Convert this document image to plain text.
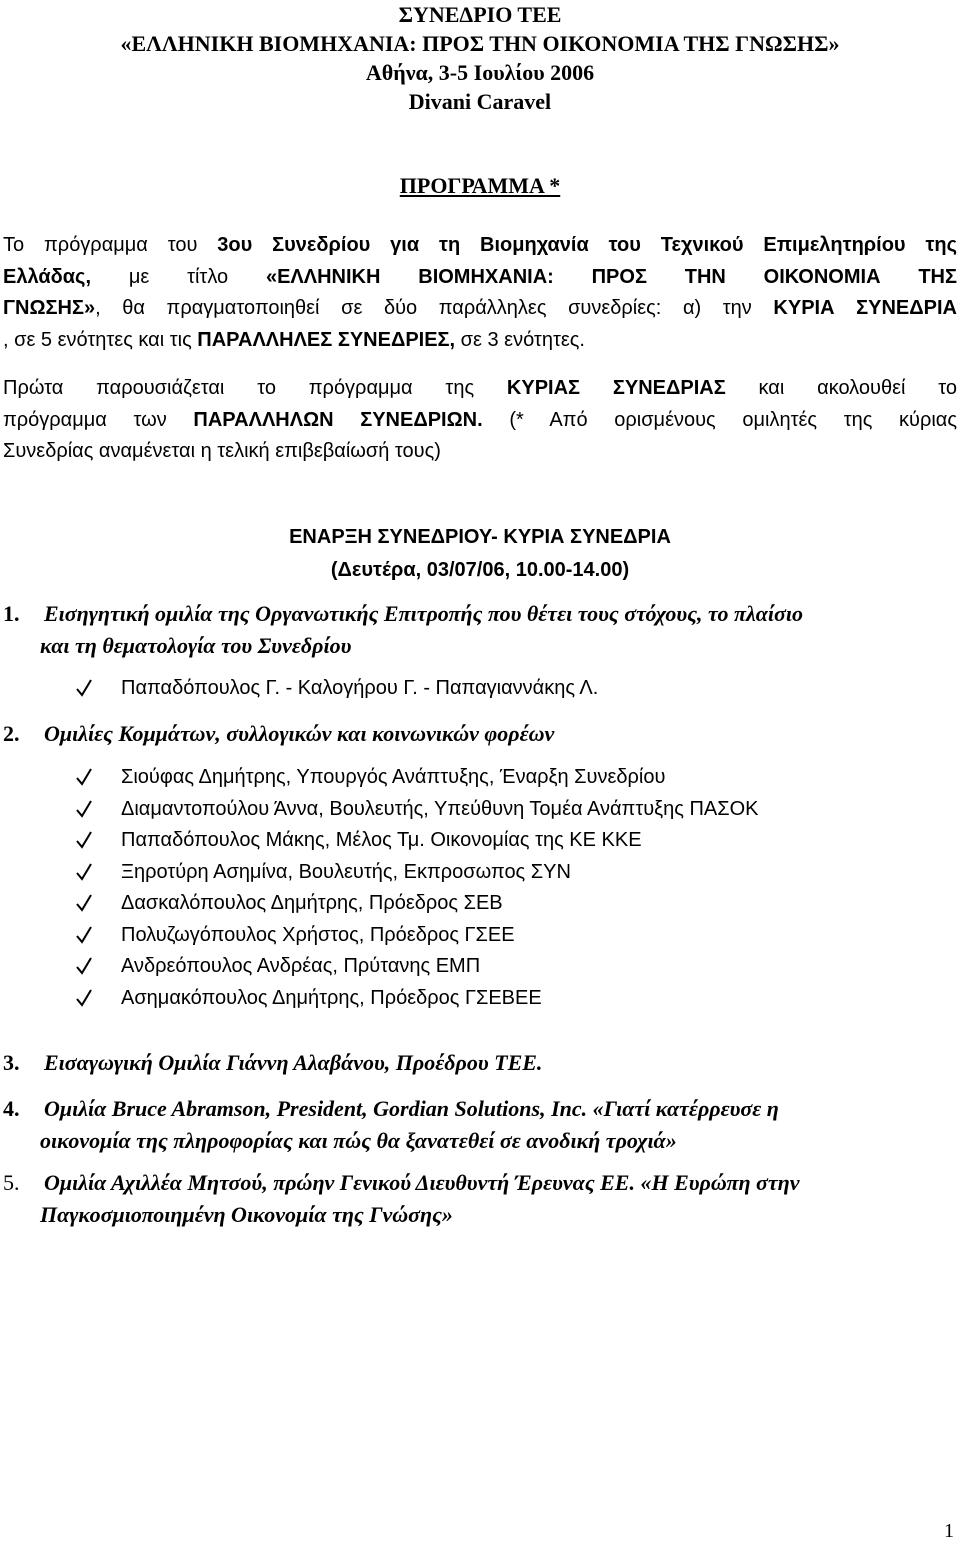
ΣΥΝΕΔΡΙΟ ΤΕΕ
«ΕΛΛΗΝΙΚΗ ΒΙΟΜΗΧΑΝΙΑ: ΠΡΟΣ ΤΗΝ ΟΙΚΟΝΟΜΙΑ ΤΗΣ ΓΝΩΣΗΣ»
Αθήνα, 3-5 Ιουλίου 2006
Divani Caravel
ΠΡΟΓΡΑΜΜΑ *
Το πρόγραμμα του 3ου Συνεδρίου για τη Βιομηχανία του Τεχνικού Επιμελητηρίου της
Ελλάδας, με τίτλο «ΕΛΛΗΝΙΚΗ ΒΙΟΜΗΧΑΝΙΑ: ΠΡΟΣ ΤΗΝ ΟΙΚΟΝΟΜΙΑ ΤΗΣ
ΓΝΩΣΗΣ», θα πραγματοποιηθεί σε δύο παράλληλες συνεδρίες: α) την ΚΥΡΙΑ ΣΥΝΕΔΡΙΑ
, σε 5 ενότητες και τις ΠΑΡΑΛΛΗΛΕΣ ΣΥΝΕΔΡΙΕΣ, σε 3 ενότητες.
Πρώτα παρουσιάζεται το πρόγραμμα της ΚΥΡΙΑΣ ΣΥΝΕΔΡΙΑΣ και ακολουθεί το
πρόγραμμα των ΠΑΡΑΛΛΗΛΩΝ ΣΥΝΕΔΡΙΩΝ. (* Από ορισμένους ομιλητές της κύριας
Συνεδρίας αναμένεται η τελική επιβεβαίωσή τους)
ΕΝΑΡΞΗ ΣΥΝΕΔΡΙΟΥ- ΚΥΡΙΑ ΣΥΝΕΔΡΙΑ
(Δευτέρα, 03/07/06, 10.00-14.00)
1.	Εισηγητική ομιλία της Οργανωτικής Επιτροπής που θέτει τους στόχους, το πλαίσιο
και τη θεματολογία του Συνεδρίου
Παπαδόπουλος Γ. - Καλογήρου Γ. - Παπαγιαννάκης Λ.
2.	Ομιλίες Κομμάτων, συλλογικών και κοινωνικών φορέων
Σιούφας Δημήτρης, Υπουργός Ανάπτυξης, Έναρξη Συνεδρίου
Διαμαντοπούλου Άννα, Βουλευτής, Υπεύθυνη Τομέα Ανάπτυξης ΠΑΣΟΚ
Παπαδόπουλος Μάκης, Μέλος Τμ. Οικονομίας της ΚΕ ΚΚΕ
Ξηροτύρη Ασημίνα, Βουλευτής, Εκπροσωπος ΣΥΝ
Δασκαλόπουλος Δημήτρης, Πρόεδρος ΣΕΒ
Πολυζωγόπουλος Χρήστος, Πρόεδρος ΓΣΕΕ
Ανδρεόπουλος Ανδρέας, Πρύτανης ΕΜΠ
Ασημακόπουλος Δημήτρης, Πρόεδρος ΓΣΕΒΕΕ
3.	Εισαγωγική Ομιλία Γιάννη Αλαβάνου, Προέδρου ΤΕΕ.
4.	Ομιλία Bruce Abramson, President, Gordian Solutions, Inc. «Γιατί κατέρρευσε η
οικονομία της πληροφορίας και πώς θα ξανατεθεί σε ανοδική τροχιά»
5.	Ομιλία Αχιλλέα Μητσού, πρώην Γενικού Διευθυντή Έρευνας ΕΕ. «Η Ευρώπη στην
Παγκοσμιοποιημένη Οικονομία της Γνώσης»
1
